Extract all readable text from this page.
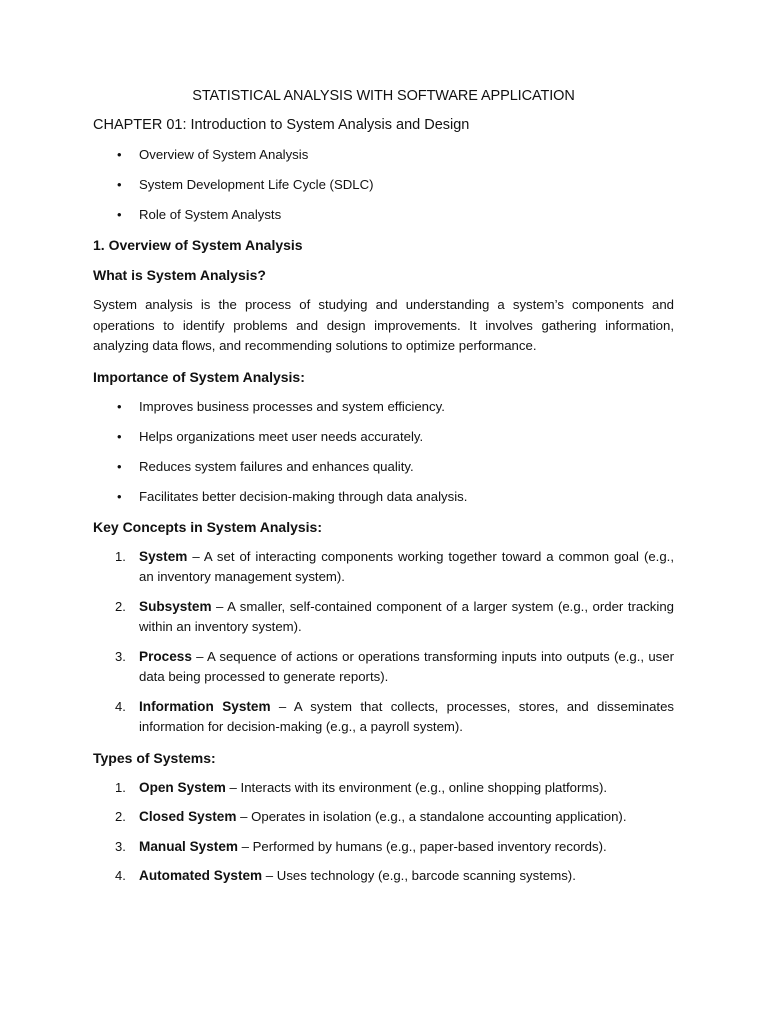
STATISTICAL ANALYSIS WITH SOFTWARE APPLICATION
CHAPTER 01: Introduction to System Analysis and Design
• Overview of System Analysis
• System Development Life Cycle (SDLC)
• Role of System Analysts
1. Overview of System Analysis
What is System Analysis?

System analysis is the process of studying and understanding a system’s components and operations to identify problems and design improvements. It involves gathering information, analyzing data flows, and recommending solutions to optimize performance.

Importance of System Analysis:
• Improves business processes and system efficiency.
• Helps organizations meet user needs accurately.
• Reduces system failures and enhances quality.
• Facilitates better decision-making through data analysis.
Key Concepts in System Analysis:
1. System – A set of interacting components working together toward a common goal (e.g., an inventory management system).
2. Subsystem – A smaller, self-contained component of a larger system (e.g., order tracking within an inventory system).
3. Process – A sequence of actions or operations transforming inputs into outputs (e.g., user data being processed to generate reports).
4. Information System – A system that collects, processes, stores, and disseminates information for decision-making (e.g., a payroll system).
Types of Systems:
1. Open System – Interacts with its environment (e.g., online shopping platforms).
2. Closed System – Operates in isolation (e.g., a standalone accounting application).
3. Manual System – Performed by humans (e.g., paper-based inventory records).
4. Automated System – Uses technology (e.g., barcode scanning systems).
